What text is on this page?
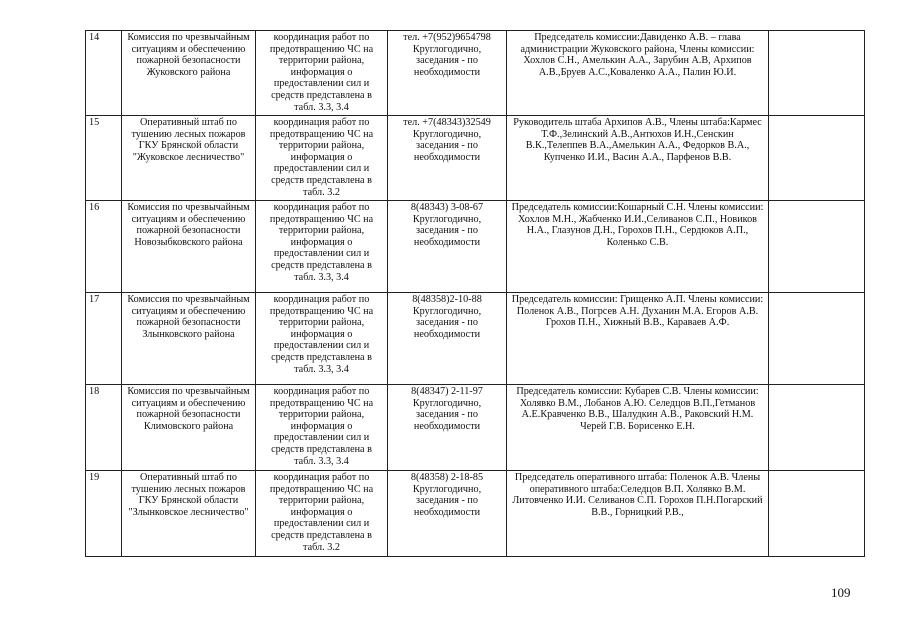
14	Комиссия по чрезвычайным ситуациям и обеспечению пожарной безопасности Жуковского района	координация работ по предотвращению ЧС на территории района, информация о предоставлении сил и средств представлена в табл. 3.3, 3.4	тел. +7(952)9654798 Круглогодично, заседания - по необходимости	Председатель комиссии:Давиденко А.В. – глава администрации Жуковского района, Члены комиссии: Хохлов С.Н., Амелькин А.А., Зарубин А.В, Архипов А.В.,Бруев А.С.,Коваленко А.А., Палин Ю.И.	
15	Оперативный штаб по тушению лесных пожаров ГКУ Брянской области "Жуковское лесничество"	координация работ по предотвращению ЧС на территории района, информация о предоставлении сил и средств представлена в табл. 3.2	тел. +7(48343)32549 Круглогодично, заседания - по необходимости	Руководитель штаба Архипов А.В., Члены штаба:Кармес Т.Ф.,Зелинский А.В.,Антюхов И.Н.,Сенскин В.К.,Телеппев В.А.,Амелькин А.А., Федорков В.А., Купченко И.И., Васин А.А., Парфенов В.В.	
16	Комиссия по чрезвычайным ситуациям и обеспечению пожарной безопасности Новозыбковского района	координация работ по предотвращению ЧС на территории района, информация о предоставлении сил и средств представлена в табл. 3.3, 3.4	8(48343) 3-08-67 Круглогодично, заседания - по необходимости	Председатель комиссии:Кошарный С.Н. Члены комиссии: Хохлов М.Н., Жабченко И.И.,Селиванов С.П., Новиков Н.А., Глазунов Д.Н., Горохов П.Н., Сердюков А.П., Коленько С.В.	
17	Комиссия по чрезвычайным ситуациям и обеспечению пожарной безопасности Злынковского района	координация работ по предотвращению ЧС на территории района, информация о предоставлении сил и средств представлена в табл. 3.3, 3.4	8(48358)2-10-88 Круглогодично, заседания - по необходимости	Председатель комиссии: Грищенко А.П. Члены комиссии: Поленок А.В., Погрсев А.Н. Духанин М.А. Егоров А.В. Грохов П.Н., Хижный В.В., Караваев А.Ф.	
18	Комиссия по чрезвычайным ситуациям и обеспечению пожарной безопасности Климовского района	координация работ по предотвращению ЧС на территории района, информация о предоставлении сил и средств представлена в табл. 3.3, 3.4	8(48347) 2-11-97 Круглогодично, заседания - по необходимости	Председатель комиссии: Кубарев С.В. Члены комиссии: Холявко В.М., Лобанов А.Ю. Селедцов В.П.,Гетманов А.Е.Кравченко В.В., Шалудкин А.В., Раковский Н.М. Черей Г.В. Борисенко Е.Н.	
19	Оперативный штаб по тушению лесных пожаров ГКУ Брянской области "Злынковское лесничество"	координация работ по предотвращению ЧС на территории района, информация о предоставлении сил и средств представлена в табл. 3.2	8(48358) 2-18-85 Круглогодично, заседания - по необходимости	Председатель оперативного штаба: Поленок А.В. Члены оперативного штаба:Селедцов В.П. Холявко В.М. Литовченко И.И. Селиванов С.П. Горохов П.Н.Погарский В.В., Горницкий Р.В.,	
109
